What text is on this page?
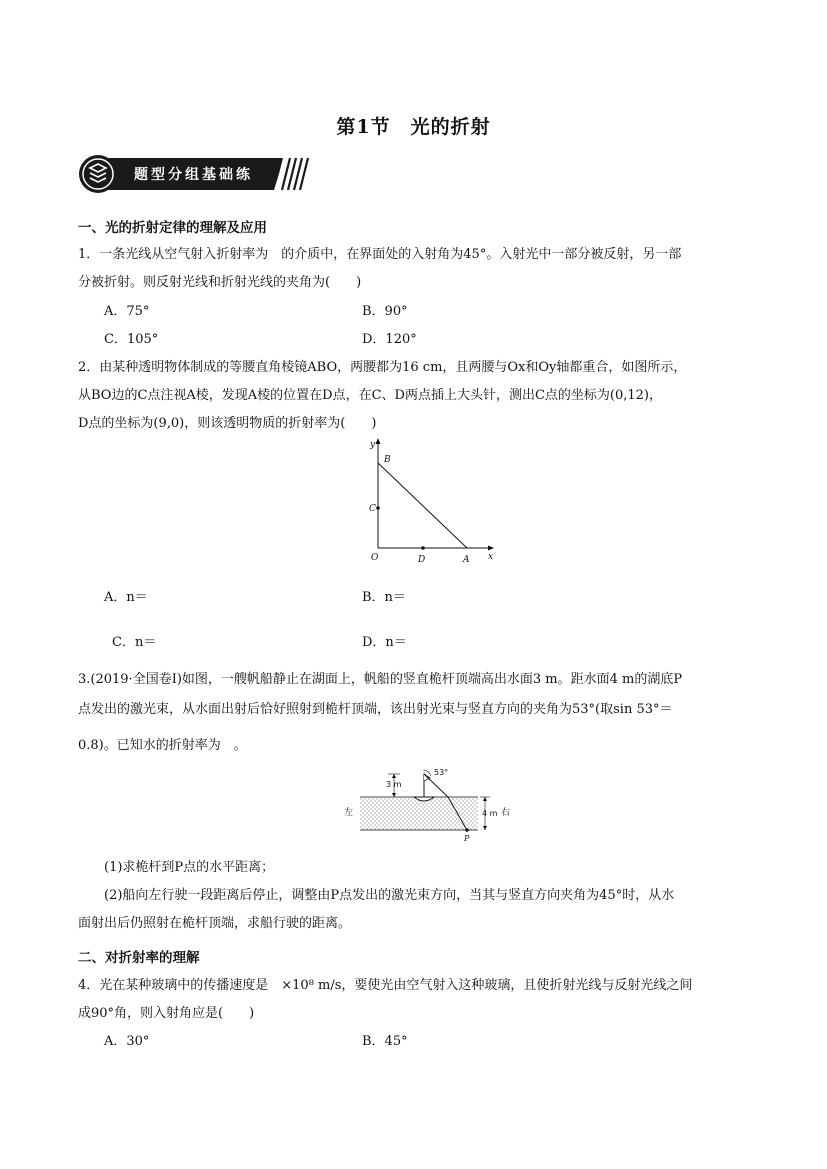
第1节　光的折射
题型分组基础练
一、光的折射定律的理解及应用
1．一条光线从空气射入折射率为　的介质中，在界面处的入射角为45°。入射光中一部分被反射，另一部
分被折射。则反射光线和折射光线的夹角为(　　)
A．75°	B．90°
C．105°	D．120°
2．由某种透明物体制成的等腰直角棱镜ABO，两腰都为16 cm，且两腰与Ox和Oy轴都重合，如图所示，
从BO边的C点注视A棱，发现A棱的位置在D点，在C、D两点插上大头针，测出C点的坐标为(0,12)，
D点的坐标为(9,0)，则该透明物质的折射率为(　　)
y
B
C
O	D	A x
A．n＝	B．n＝
C．n＝	D．n＝
3.(2019·全国卷Ⅰ)如图，一艘帆船静止在湖面上，帆船的竖直桅杆顶端高出水面3 m。距水面4 m的湖底P
点发出的激光束，从水面出射后恰好照射到桅杆顶端，该出射光束与竖直方向的夹角为53°(取sin 53°＝
0.8)。已知水的折射率为　。
3 m
4 m
53°
左	右
P
(1)求桅杆到P点的水平距离；
(2)船向左行驶一段距离后停止，调整由P点发出的激光束方向，当其与竖直方向夹角为45°时，从水
面射出后仍照射在桅杆顶端，求船行驶的距离。
二、对折射率的理解
4．光在某种玻璃中的传播速度是　×10⁸ m/s，要使光由空气射入这种玻璃，且使折射光线与反射光线之间
成90°角，则入射角应是(　　)
A．30°	B．45°
